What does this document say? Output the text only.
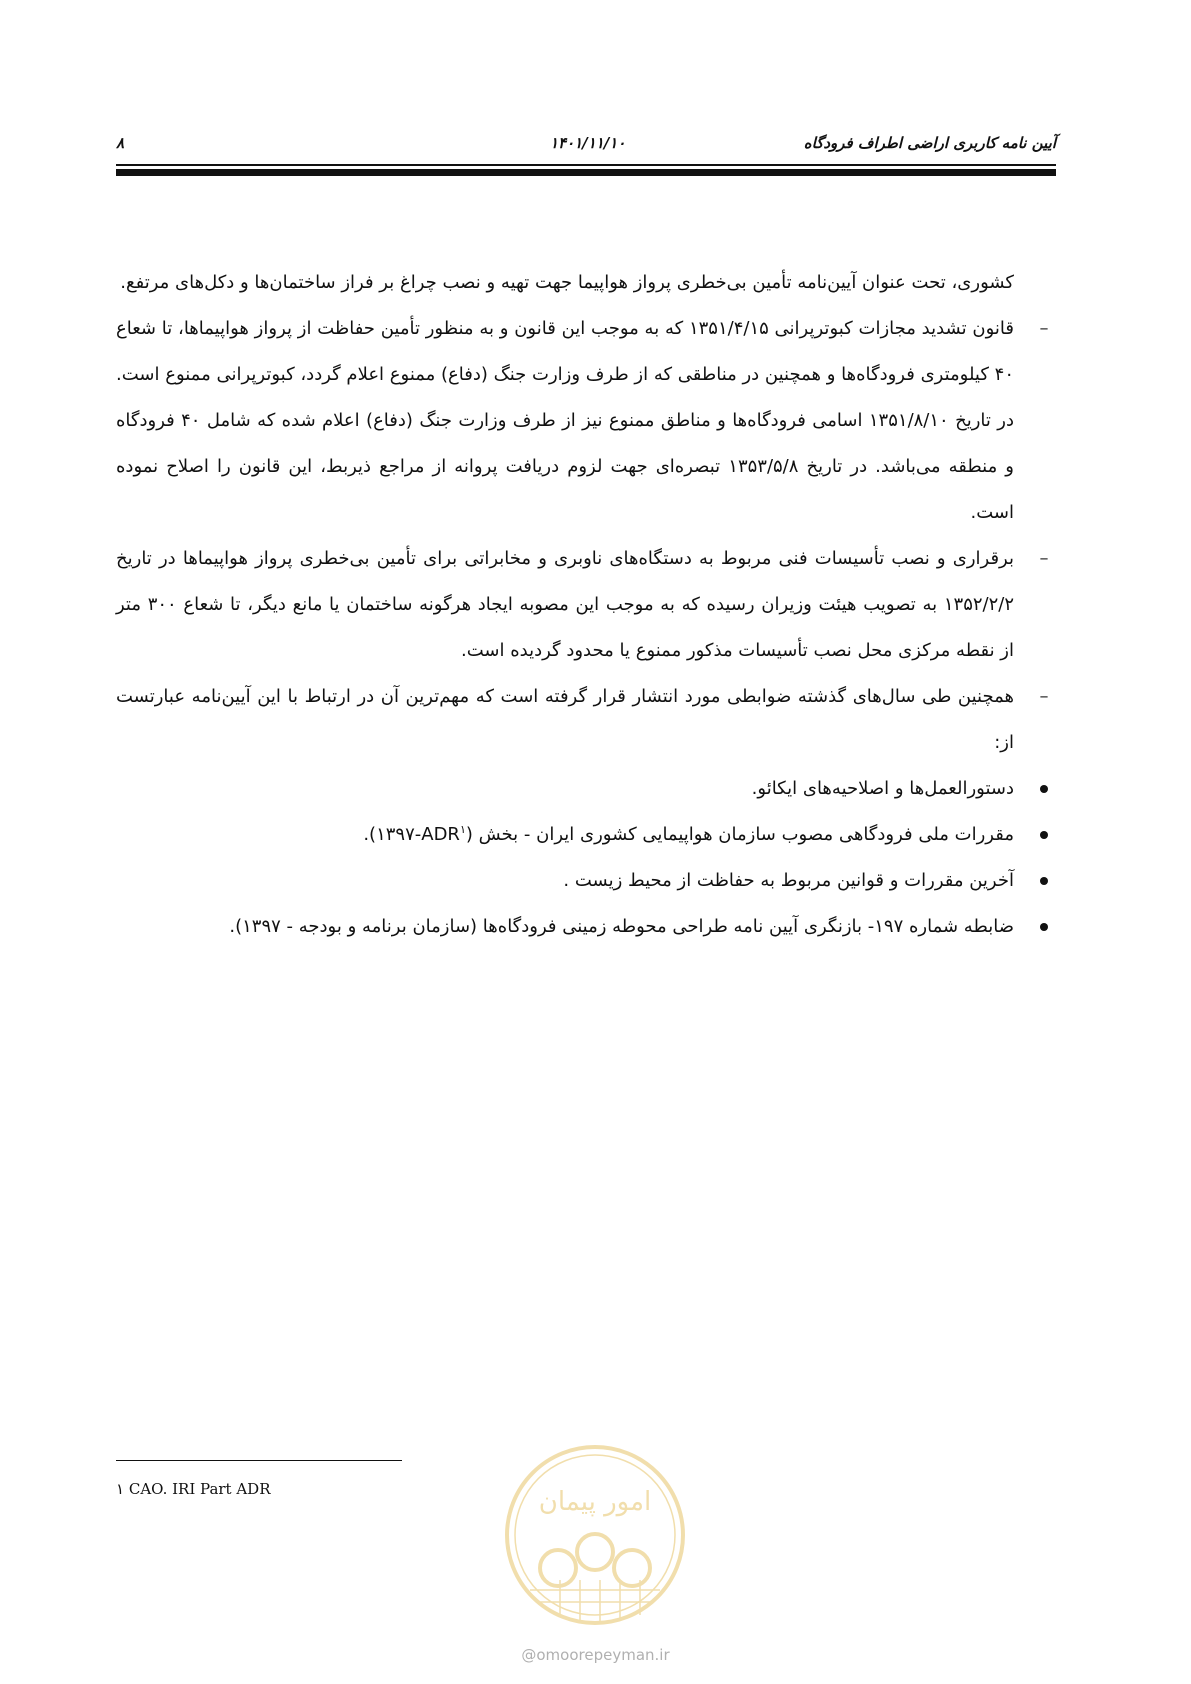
آیین نامه کاربری اراضی اطراف فرودگاه
۱۴۰۱/۱۱/۱۰
۸

کشوری، تحت عنوان آیین‌نامه تأمین بی‌خطری پرواز هواپیما جهت تهیه و نصب چراغ بر فراز ساختمان‌ها و دکل‌های مرتفع.

–
قانون تشدید مجازات کبوترپرانی ۱۳۵۱/۴/۱۵ که به موجب این قانون و به منظور تأمین حفاظت از پرواز هواپیماها، تا شعاع ۴۰ کیلومتری فرودگاه‌ها و همچنین در مناطقی که از طرف وزارت جنگ (دفاع) ممنوع اعلام گردد، کبوترپرانی ممنوع است. در تاریخ ۱۳۵۱/۸/۱۰ اسامی فرودگاه‌ها و مناطق ممنوع نیز از طرف وزارت جنگ (دفاع) اعلام شده که شامل ۴۰ فرودگاه و منطقه می‌باشد. در تاریخ ۱۳۵۳/۵/۸ تبصره‌ای جهت لزوم دریافت پروانه از مراجع ذیربط، این قانون را اصلاح نموده است.
–
برقراری و نصب تأسیسات فنی مربوط به دستگاه‌های ناوبری و مخابراتی برای تأمین بی‌خطری پرواز هواپیماها در تاریخ ۱۳۵۲/۲/۲ به تصویب هیئت وزیران رسیده که به موجب این مصوبه ایجاد هرگونه ساختمان یا مانع دیگر، تا شعاع ۳۰۰ متر از نقطه مرکزی محل نصب تأسیسات مذکور ممنوع یا محدود گردیده است.
–
همچنین طی سال‌های گذشته ضوابطی مورد انتشار قرار گرفته است که مهم‌ترین آن در ارتباط با این آیین‌نامه عبارتست از:
دستورالعمل‌ها و اصلاحیه‌های ایکائو.
مقررات ملی فرودگاهی مصوب سازمان هواپیمایی کشوری ایران - بخش (ADR$^۱$-۱۳۹۷).
آخرین مقررات و قوانین مربوط به حفاظت از محیط زیست .
ضابطه شماره ۱۹۷- بازنگری آیین نامه طراحی محوطه زمینی فرودگاه‌ها (سازمان برنامه و بودجه - ۱۳۹۷).
۱ CAO. IRI Part ADR	امور پیمان
@omoorepeyman.ir
